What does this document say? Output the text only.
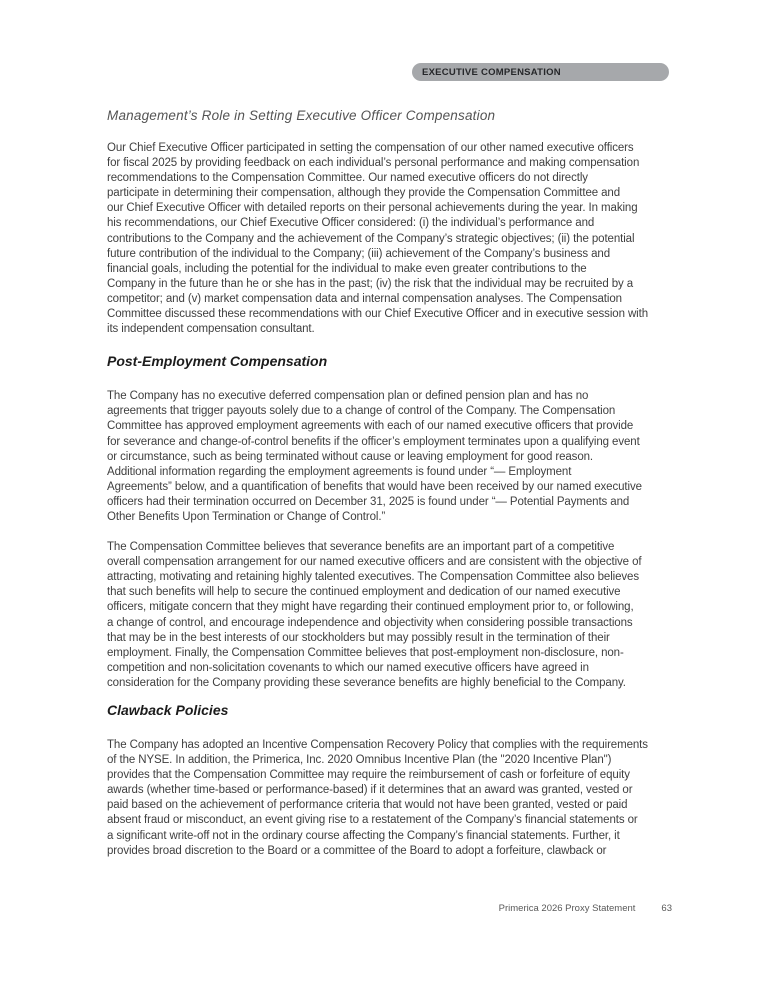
EXECUTIVE COMPENSATION
Management’s Role in Setting Executive Officer Compensation
Our Chief Executive Officer participated in setting the compensation of our other named executive officers
for fiscal 2025 by providing feedback on each individual’s personal performance and making compensation
recommendations to the Compensation Committee. Our named executive officers do not directly
participate in determining their compensation, although they provide the Compensation Committee and
our Chief Executive Officer with detailed reports on their personal achievements during the year. In making
his recommendations, our Chief Executive Officer considered: (i) the individual’s performance and
contributions to the Company and the achievement of the Company’s strategic objectives; (ii) the potential
future contribution of the individual to the Company; (iii) achievement of the Company’s business and
financial goals, including the potential for the individual to make even greater contributions to the
Company in the future than he or she has in the past; (iv) the risk that the individual may be recruited by a
competitor; and (v) market compensation data and internal compensation analyses. The Compensation
Committee discussed these recommendations with our Chief Executive Officer and in executive session with
its independent compensation consultant.
Post-Employment Compensation
The Company has no executive deferred compensation plan or defined pension plan and has no
agreements that trigger payouts solely due to a change of control of the Company. The Compensation
Committee has approved employment agreements with each of our named executive officers that provide
for severance and change-of-control benefits if the officer’s employment terminates upon a qualifying event
or circumstance, such as being terminated without cause or leaving employment for good reason.
Additional information regarding the employment agreements is found under “— Employment
Agreements” below, and a quantification of benefits that would have been received by our named executive
officers had their termination occurred on December 31, 2025 is found under “— Potential Payments and
Other Benefits Upon Termination or Change of Control.”
The Compensation Committee believes that severance benefits are an important part of a competitive
overall compensation arrangement for our named executive officers and are consistent with the objective of
attracting, motivating and retaining highly talented executives. The Compensation Committee also believes
that such benefits will help to secure the continued employment and dedication of our named executive
officers, mitigate concern that they might have regarding their continued employment prior to, or following,
a change of control, and encourage independence and objectivity when considering possible transactions
that may be in the best interests of our stockholders but may possibly result in the termination of their
employment. Finally, the Compensation Committee believes that post-employment non-disclosure, non-
competition and non-solicitation covenants to which our named executive officers have agreed in
consideration for the Company providing these severance benefits are highly beneficial to the Company.
Clawback Policies
The Company has adopted an Incentive Compensation Recovery Policy that complies with the requirements
of the NYSE. In addition, the Primerica, Inc. 2020 Omnibus Incentive Plan (the "2020 Incentive Plan")
provides that the Compensation Committee may require the reimbursement of cash or forfeiture of equity
awards (whether time-based or performance-based) if it determines that an award was granted, vested or
paid based on the achievement of performance criteria that would not have been granted, vested or paid
absent fraud or misconduct, an event giving rise to a restatement of the Company’s financial statements or
a significant write-off not in the ordinary course affecting the Company’s financial statements. Further, it
provides broad discretion to the Board or a committee of the Board to adopt a forfeiture, clawback or
Primerica 2026 Proxy Statement	63
